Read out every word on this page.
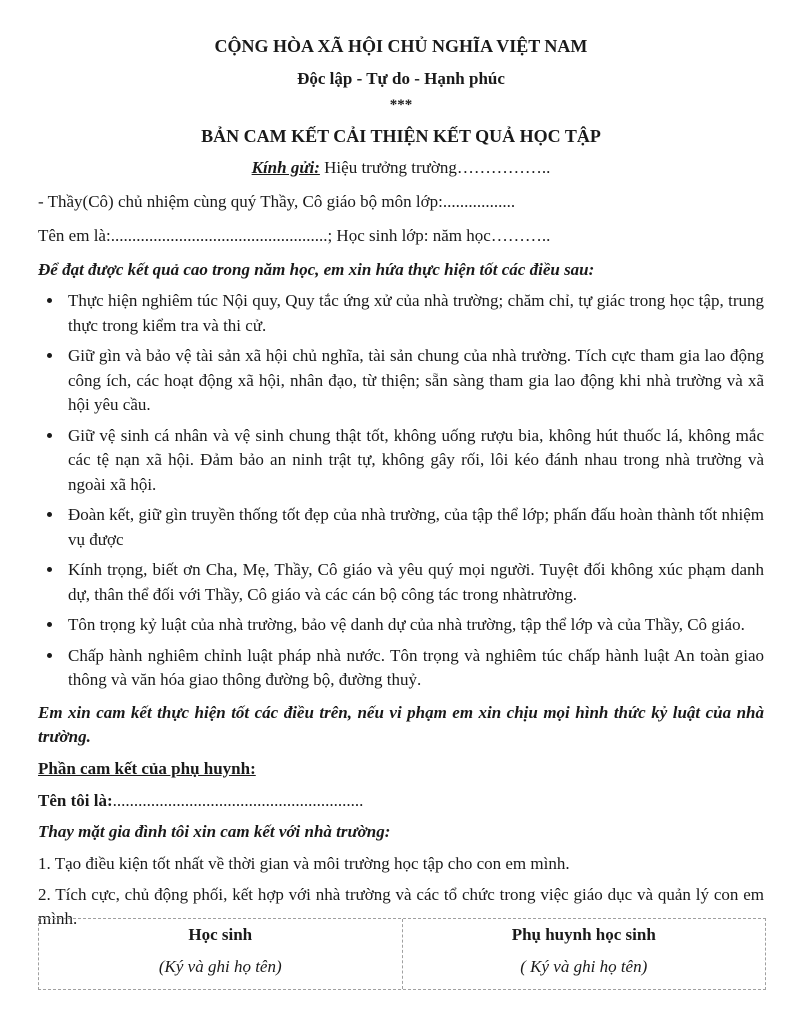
CỘNG HÒA XÃ HỘI CHỦ NGHĨA VIỆT NAM
Độc lập - Tự do - Hạnh phúc
***
BẢN CAM KẾT CẢI THIỆN KẾT QUẢ HỌC TẬP
Kính gửi: Hiệu trưởng trường……………..
- Thầy(Cô) chủ nhiệm cùng quý Thầy, Cô giáo bộ môn lớp:.................
Tên em là:...................................................; Học sinh lớp: năm học………..
Để đạt được kết quả cao trong năm học, em xin hứa thực hiện tốt các điều sau:
• Thực hiện nghiêm túc Nội quy, Quy tắc ứng xử của nhà trường; chăm chỉ, tự giác trong học tập, trung thực trong kiểm tra và thi cử.
• Giữ gìn và bảo vệ tài sản xã hội chủ nghĩa, tài sản chung của nhà trường. Tích cực tham gia lao động công ích, các hoạt động xã hội, nhân đạo, từ thiện; sẵn sàng tham gia lao động khi nhà trường và xã hội yêu cầu.
• Giữ vệ sinh cá nhân và vệ sinh chung thật tốt, không uống rượu bia, không hút thuốc lá, không mắc các tệ nạn xã hội. Đảm bảo an ninh trật tự, không gây rối, lôi kéo đánh nhau trong nhà trường và ngoài xã hội.
• Đoàn kết, giữ gìn truyền thống tốt đẹp của nhà trường, của tập thể lớp; phấn đấu hoàn thành tốt nhiệm vụ được
• Kính trọng, biết ơn Cha, Mẹ, Thầy, Cô giáo và yêu quý mọi người. Tuyệt đối không xúc phạm danh dự, thân thể đối với Thầy, Cô giáo và các cán bộ công tác trong nhàtrường.
• Tôn trọng kỷ luật của nhà trường, bảo vệ danh dự của nhà trường, tập thể lớp và của Thầy, Cô giáo.
• Chấp hành nghiêm chỉnh luật pháp nhà nước. Tôn trọng và nghiêm túc chấp hành luật An toàn giao thông và văn hóa giao thông đường bộ, đường thuỷ.
Em xin cam kết thực hiện tốt các điều trên, nếu vi phạm em xin chịu mọi hình thức kỷ luật của nhà trường.
Phần cam kết của phụ huynh:
Tên tôi là:...........................................................
Thay mặt gia đình tôi xin cam kết với nhà trường:
1. Tạo điều kiện tốt nhất về thời gian và môi trường học tập cho con em mình.
2. Tích cực, chủ động phối, kết hợp với nhà trường và các tổ chức trong việc giáo dục và quản lý con em mình.
Học sinh
(Ký và ghi họ tên)
Phụ huynh học sinh
( Ký và ghi họ tên)
